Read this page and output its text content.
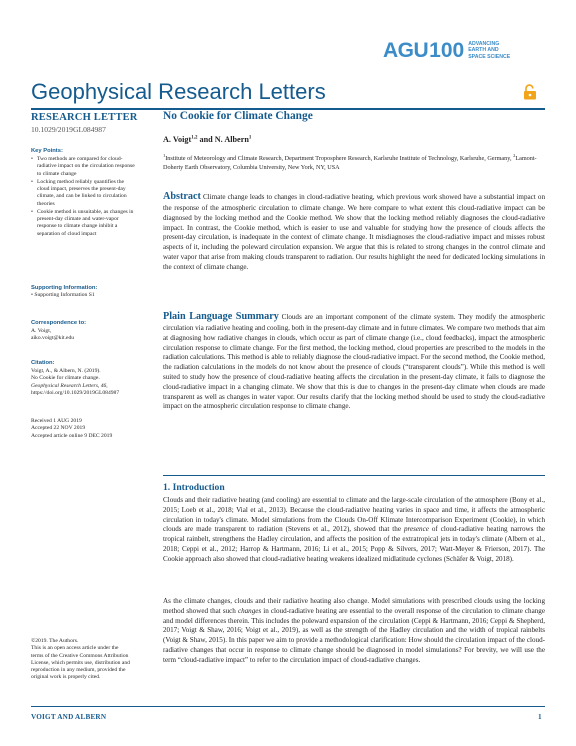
AGU 100 ADVANCING
EARTH AND
SPACE SCIENCE
Geophysical Research Letters
RESEARCH LETTER
10.1029/2019GL084987
Key Points:
• Two methods are compared for cloud-radiative impact on the circulation response to climate change
• Locking method reliably quantifies the cloud impact, preserves the present-day climate, and can be linked to circulation theories
• Cookie method is unsuitable, as changes in present-day climate and water-vapor response to climate change inhibit a separation of cloud impact
Supporting Information:
• Supporting Information S1
Correspondence to:
A. Voigt,
aiko.voigt@kit.edu
Citation:
Voigt, A., & Albern, N. (2019).
No Cookie for climate change.
Geophysical Research Letters, 46,
https://doi.org/10.1029/2019GL084987
Received 1 AUG 2019
Accepted 22 NOV 2019
Accepted article online 9 DEC 2019
©2019. The Authors.
This is an open access article under the terms of the Creative Commons Attribution License, which permits use, distribution and reproduction in any medium, provided the original work is properly cited.
No Cookie for Climate Change
A. Voigt$^{1,2}$ and N. Albern$^1$
$^1$Institute of Meteorology and Climate Research, Department Troposphere Research, Karlsruhe Institute of Technology, Karlsruhe, Germany, $^2$Lamont-Doherty Earth Observatory, Columbia University, New York, NY, USA
Abstract Climate change leads to changes in cloud-radiative heating, which previous work showed have a substantial impact on the response of the atmospheric circulation to climate change. We here compare to what extent this cloud-radiative impact can be diagnosed by the locking method and the Cookie method. We show that the locking method reliably diagnoses the cloud-radiative impact. In contrast, the Cookie method, which is easier to use and valuable for studying how the presence of clouds affects the present-day circulation, is inadequate in the context of climate change. It misdiagnoses the cloud-radiative impact and misses robust aspects of it, including the poleward circulation expansion. We argue that this is related to strong changes in the control climate and water vapor that arise from making clouds transparent to radiation. Our results highlight the need for dedicated locking simulations in the context of climate change.
Plain Language Summary Clouds are an important component of the climate system. They modify the atmospheric circulation via radiative heating and cooling, both in the present-day climate and in future climates. We compare two methods that aim at diagnosing how radiative changes in clouds, which occur as part of climate change (i.e., cloud feedbacks), impact the atmospheric circulation response to climate change. For the first method, the locking method, cloud properties are prescribed to the models in the radiation calculations. This method is able to reliably diagnose the cloud-radiative impact. For the second method, the Cookie method, the radiation calculations in the models do not know about the presence of clouds (“transparent clouds”). While this method is well suited to study how the presence of cloud-radiative heating affects the circulation in the present-day climate, it fails to diagnose the cloud-radiative impact in a changing climate. We show that this is due to changes in the present-day climate when clouds are made transparent as well as changes in water vapor. Our results clarify that the locking method should be used to study the cloud-radiative impact on the atmospheric circulation response to climate change.
1. Introduction

Clouds and their radiative heating (and cooling) are essential to climate and the large-scale circulation of the atmosphere (Bony et al., 2015; Loeb et al., 2018; Vial et al., 2013). Because the cloud-radiative heating varies in space and time, it affects the atmospheric circulation in today's climate. Model simulations from the Clouds On-Off Klimate Intercomparison Experiment (Cookie), in which clouds are made transparent to radiation (Stevens et al., 2012), showed that the presence of cloud-radiative heating narrows the tropical rainbelt, strengthens the Hadley circulation, and affects the position of the extratropical jets in today's climate (Albern et al., 2018; Ceppi et al., 2012; Harrop & Hartmann, 2016; Li et al., 2015; Popp & Silvers, 2017; Watt-Meyer & Frierson, 2017). The Cookie approach also showed that cloud-radiative heating weakens idealized midlatitude cyclones (Schäfer & Voigt, 2018).

As the climate changes, clouds and their radiative heating also change. Model simulations with prescribed clouds using the locking method showed that such changes in cloud-radiative heating are essential to the overall response of the circulation to climate change and model differences therein. This includes the poleward expansion of the circulation (Ceppi & Hartmann, 2016; Ceppi & Shepherd, 2017; Voigt & Shaw, 2016; Voigt et al., 2019), as well as the strength of the Hadley circulation and the width of tropical rainbelts (Voigt & Shaw, 2015). In this paper we aim to provide a methodological clarification: How should the circulation impact of the cloud-radiative changes that occur in response to climate change should be diagnosed in model simulations? For brevity, we will use the term “cloud-radiative impact” to refer to the circulation impact of cloud-radiative changes.

VOIGT AND ALBERN	1
